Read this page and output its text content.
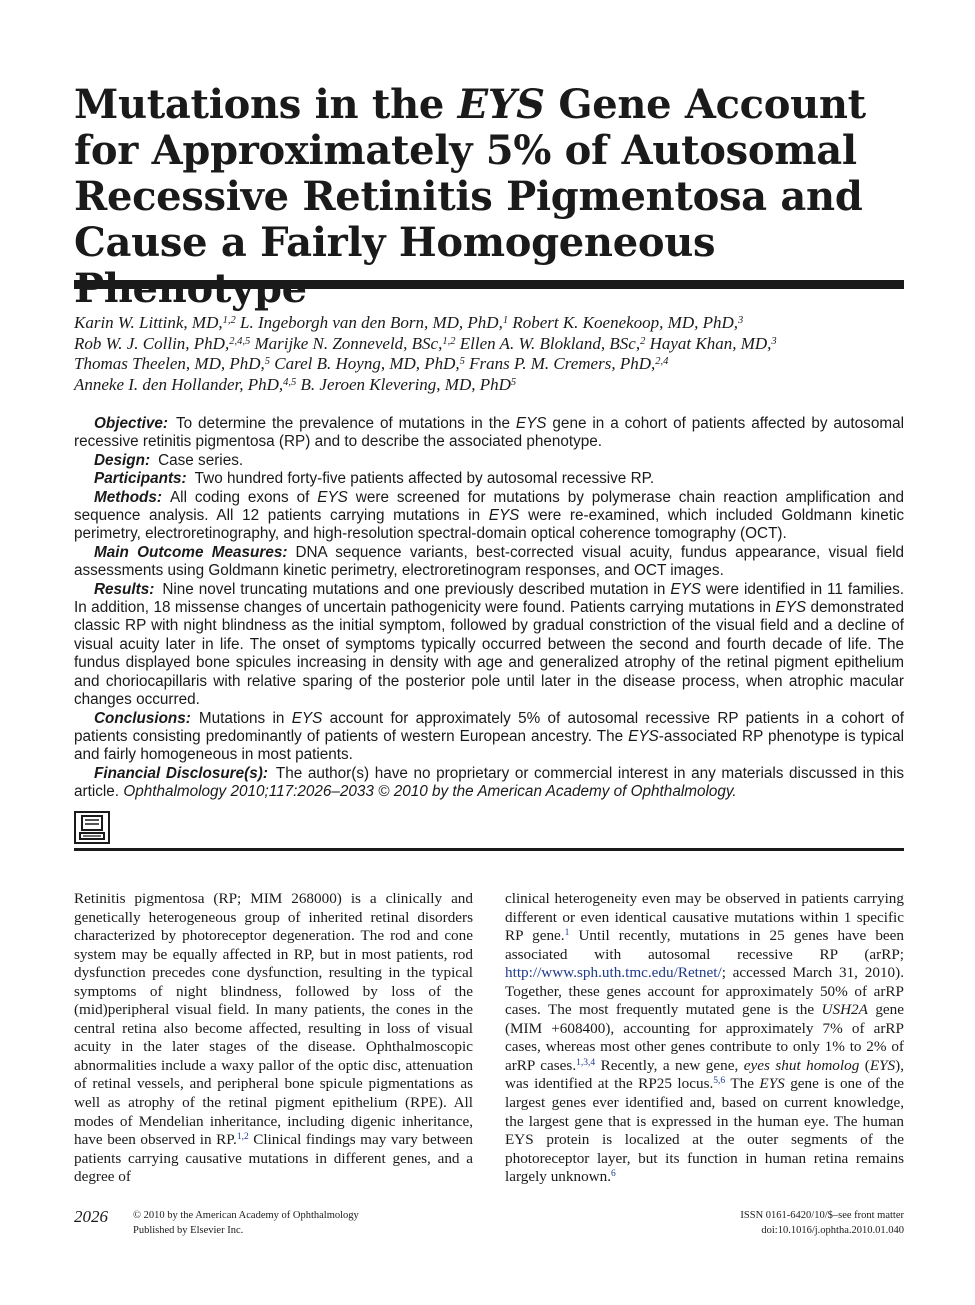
Mutations in the EYS Gene Account for Approximately 5% of Autosomal Recessive Retinitis Pigmentosa and Cause a Fairly Homogeneous
Karin W. Littink, MD,$^{1,2}$ L. Ingeborgh van den Born, MD, PhD,$^1$ Robert K. Koenekoop, MD, PhD,$^3$
Rob W. J. Collin, PhD,$^{2,4,5}$ Marijke N. Zonneveld, BSc,$^{1,2}$ Ellen A. W. Blokland, BSc,$^2$ Hayat Khan, MD,$^3$
Thomas Theelen, MD, PhD,$^5$ Carel B. Hoyng, MD, PhD,$^5$ Frans P. M. Cremers, PhD,$^{2,4}$
Anneke I. den Hollander, PhD,$^{4,5}$ B. Jeroen Klevering, MD, PhD$^5$

Objective: To determine the prevalence of mutations in the EYS gene in a cohort of patients affected by autosomal recessive retinitis pigmentosa (RP) and to describe the associated phenotype.

Design: Case series.

Participants: Two hundred forty-five patients affected by autosomal recessive RP.

Methods: All coding exons of EYS were screened for mutations by polymerase chain reaction amplification and sequence analysis. All 12 patients carrying mutations in EYS were re-examined, which included Goldmann kinetic perimetry, electroretinography, and high-resolution spectral-domain optical coherence tomography (OCT).

Main Outcome Measures: DNA sequence variants, best-corrected visual acuity, fundus appearance, visual field assessments using Goldmann kinetic perimetry, electroretinogram responses, and OCT images.

Results: Nine novel truncating mutations and one previously described mutation in EYS were identified in 11 families. In addition, 18 missense changes of uncertain pathogenicity were found. Patients carrying mutations in EYS demonstrated classic RP with night blindness as the initial symptom, followed by gradual constriction of the visual field and a decline of visual acuity later in life. The onset of symptoms typically occurred between the second and fourth decade of life. The fundus displayed bone spicules increasing in density with age and generalized atrophy of the retinal pigment epithelium and choriocapillaris with relative sparing of the posterior pole until later in the disease process, when atrophic macular changes occurred.

Conclusions: Mutations in EYS account for approximately 5% of autosomal recessive RP patients in a cohort of patients consisting predominantly of patients of western European ancestry. The EYS-associated RP phenotype is typical and fairly homogeneous in most patients.

Financial Disclosure(s): The author(s) have no proprietary or commercial interest in any materials discussed in this article. Ophthalmology 2010;117:2026–2033 © 2010 by the American Academy of Ophthalmology.

Retinitis pigmentosa (RP; MIM 268000) is a clinically and genetically heterogeneous group of inherited retinal disorders characterized by photoreceptor degeneration. The rod and cone system may be equally affected in RP, but in most patients, rod dysfunction precedes cone dysfunction, resulting in the typical symptoms of night blindness, followed by loss of the (mid)peripheral visual field. In many patients, the cones in the central retina also become affected, resulting in loss of visual acuity in the later stages of the disease. Ophthalmoscopic abnormalities include a waxy pallor of the optic disc, attenuation of retinal vessels, and peripheral bone spicule pigmentations as well as atrophy of the retinal pigment epithelium (RPE). All modes of Mendelian inheritance, including digenic inheritance, have been observed in RP.$^{1,2}$ Clinical findings may vary between patients carrying causative mutations in different genes, and a degree of

clinical heterogeneity even may be observed in patients carrying different or even identical causative mutations within 1 specific RP gene.$^1$ Until recently, mutations in 25 genes have been associated with autosomal recessive RP (arRP; http://www.sph.uth.tmc.edu/Retnet/; accessed March 31, 2010). Together, these genes account for approximately 50% of arRP cases. The most frequently mutated gene is the USH2A gene (MIM +608400), accounting for approximately 7% of arRP cases, whereas most other genes contribute to only 1% to 2% of arRP cases.$^{1,3,4}$ Recently, a new gene, eyes shut homolog (EYS), was identified at the RP25 locus.$^{5,6}$ The EYS gene is one of the largest genes ever identified and, based on current knowledge, the largest gene that is expressed in the human eye. The human EYS protein is localized at the outer segments of the photoreceptor layer, but its function in human retina remains largely unknown.$^6$

2026 © 2010 by the American Academy of Ophthalmology
Published by Elsevier Inc.
ISSN 0161-6420/10/$–see front matter
doi:10.1016/j.ophtha.2010.01.040
